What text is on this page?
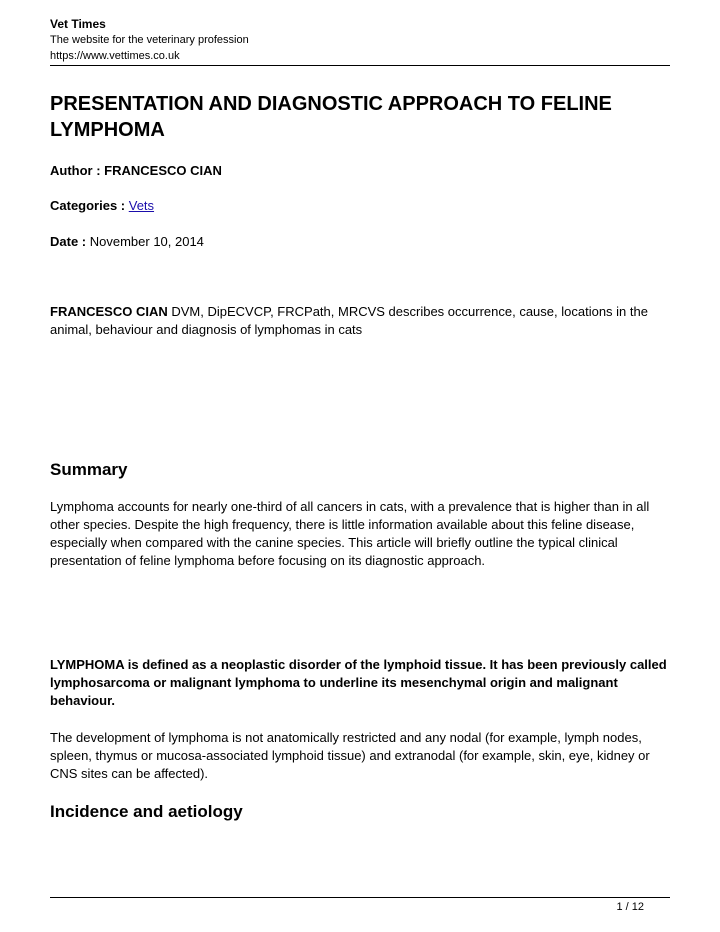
Vet Times
The website for the veterinary profession
https://www.vettimes.co.uk
PRESENTATION AND DIAGNOSTIC APPROACH TO FELINE LYMPHOMA
Author : FRANCESCO CIAN
Categories : Vets
Date : November 10, 2014

FRANCESCO CIAN DVM, DipECVCP, FRCPath, MRCVS describes occurrence, cause, locations in the animal, behaviour and diagnosis of lymphomas in cats

Summary

Lymphoma accounts for nearly one-third of all cancers in cats, with a prevalence that is higher than in all other species. Despite the high frequency, there is little information available about this feline disease, especially when compared with the canine species. This article will briefly outline the typical clinical presentation of feline lymphoma before focusing on its diagnostic approach.

LYMPHOMA is defined as a neoplastic disorder of the lymphoid tissue. It has been previously called lymphosarcoma or malignant lymphoma to underline its mesenchymal origin and malignant behaviour.

The development of lymphoma is not anatomically restricted and any nodal (for example, lymph nodes, spleen, thymus or mucosa-associated lymphoid tissue) and extranodal (for example, skin, eye, kidney or CNS sites can be affected).

Incidence and aetiology
1 / 12
